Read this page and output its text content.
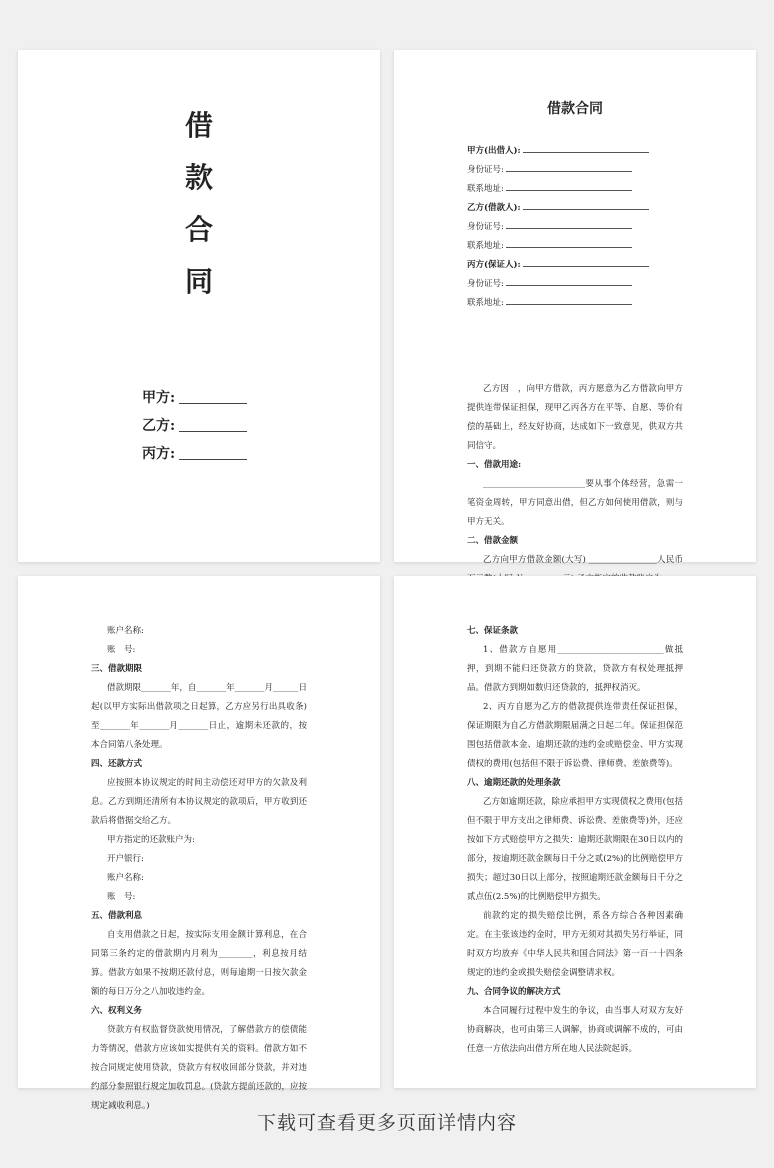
借
款
合
同
甲方:
乙方:
丙方:
借款合同
甲方(出借人):
身份证号:
联系地址:
乙方(借款人):
身份证号:
联系地址:
丙方(保证人):
身份证号:
联系地址:

乙方因　，向甲方借款，丙方愿意为乙方借款向甲方提供连带保证担保，现甲乙丙各方在平等、自愿、等价有偿的基础上，经友好协商，达成如下一致意见，供双方共同信守。

一、借款用途:

________________________要从事个体经营，急需一笔资金周转，甲方同意出借，但乙方如何使用借款，则与甲方无关。

二、借款金额

乙方向甲方借款金额(大写) ________________人民币

账户名称:

账　号:

三、借款期限

借款期限_______年，自_______年_______月______日起(以甲方实际出借款项之日起算，乙方应另行出具收条)至_______年_______月_______日止，逾期未还款的，按本合同第八条处理。

四、还款方式

应按照本协议规定的时间主动偿还对甲方的欠款及利息。乙方到期还清所有本协议规定的款项后，甲方收到还款后将借据交给乙方。

甲方指定的还款账户为:

开户银行:

账户名称:

账　号:

五、借款利息

自支用借款之日起，按实际支用金额计算利息，在合同第三条约定的借款期内月利为________，利息按月结算。借款方如果不按期还款付息，则每逾期一日按欠款金额的每日万分之八加收违约金。

六、权利义务

贷款方有权监督贷款使用情况，了解借款方的偿债能力等情况，借款方应该如实提供有关的资料。借款方如不按合同规定使用贷款，贷款方有权收回部分贷款，并对违约部分参照银行规定加收罚息。(贷款方提前还款的，应按规定减收利息。)

七、保证条款

1、借款方自愿用_________________________做抵押，到期不能归还贷款方的贷款，贷款方有权处理抵押品。借款方到期如数归还贷款的，抵押权消灭。

2、丙方自愿为乙方的借款提供连带责任保证担保，保证期限为自乙方借款期限届满之日起二年。保证担保范围包括借款本金、逾期还款的违约金或赔偿金、甲方实现债权的费用(包括但不限于诉讼费、律师费、差旅费等)。

八、逾期还款的处理条款

乙方如逾期还款，除应承担甲方实现债权之费用(包括但不限于甲方支出之律师费、诉讼费、差旅费等)外，还应按如下方式赔偿甲方之损失：逾期还款期限在30日以内的部分，按逾期还款金额每日千分之贰(2%)的比例赔偿甲方损失；超过30日以上部分，按照逾期还款金额每日千分之贰点伍(2.5%)的比例赔偿甲方损失。

前款约定的损失赔偿比例，系各方综合各种因素确定。在主张该违约金时，甲方无须对其损失另行举证，同时双方均放弃《中华人民共和国合同法》第一百一十四条规定的违约金或损失赔偿金调整请求权。

九、合同争议的解决方式

本合同履行过程中发生的争议，由当事人对双方友好协商解决，也可由第三人调解，协商或调解不成的，可由任意一方依法向出借方所在地人民法院起诉。

下载可查看更多页面详情内容
